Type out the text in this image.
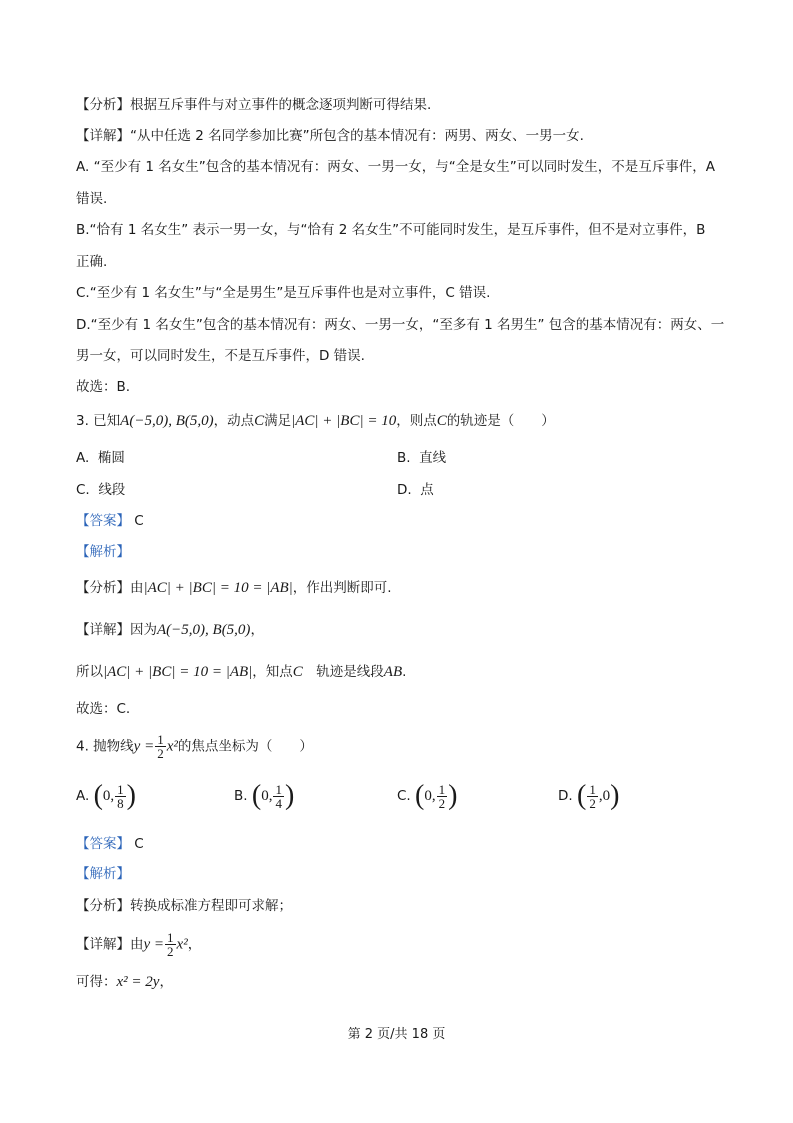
【分析】根据互斥事件与对立事件的概念逐项判断可得结果.
【详解】“从中任选 2 名同学参加比赛”所包含的基本情况有：两男、两女、一男一女.
A. “至少有 1 名女生”包含的基本情况有：两女、一男一女，与“全是女生”可以同时发生，不是互斥事件，A
错误.
B.“恰有 1 名女生” 表示一男一女，与“恰有 2 名女生”不可能同时发生，是互斥事件，但不是对立事件，B
正确.
C.“至少有 1 名女生”与“全是男生”是互斥事件也是对立事件，C 错误.
D.“至少有 1 名女生”包含的基本情况有：两女、一男一女，“至多有 1 名男生” 包含的基本情况有：两女、一
男一女，可以同时发生，不是互斥事件，D 错误.
故选：B.
3. 已知A(−5,0), B(5,0)，动点C满足|AC| + |BC| = 10，则点C的轨迹是（　　）
A. 椭圆	B. 直线
C. 线段	D. 点
【答案】 C
【解析】
【分析】由|AC| + |BC| = 10 = |AB|，作出判断即可.
【详解】因为A(−5,0), B(5,0)，
所以|AC| + |BC| = 10 = |AB|，知点C　轨迹是线段AB.
故选：C.
4. 抛物线$y = \frac{1}{2} x^2$的焦点坐标为（　　）
A. (0, $\frac{1}{8}$ )	B. (0, $\frac{1}{4}$ )	C. (0, $\frac{1}{2}$ )	D. ( $\frac{1}{2} ,0$)
【答案】 C
【解析】
【分析】转换成标准方程即可求解；
【详解】由$y = \frac{1}{2} x^2$，
可得：x² = 2y，
第 2 页/共 18 页
